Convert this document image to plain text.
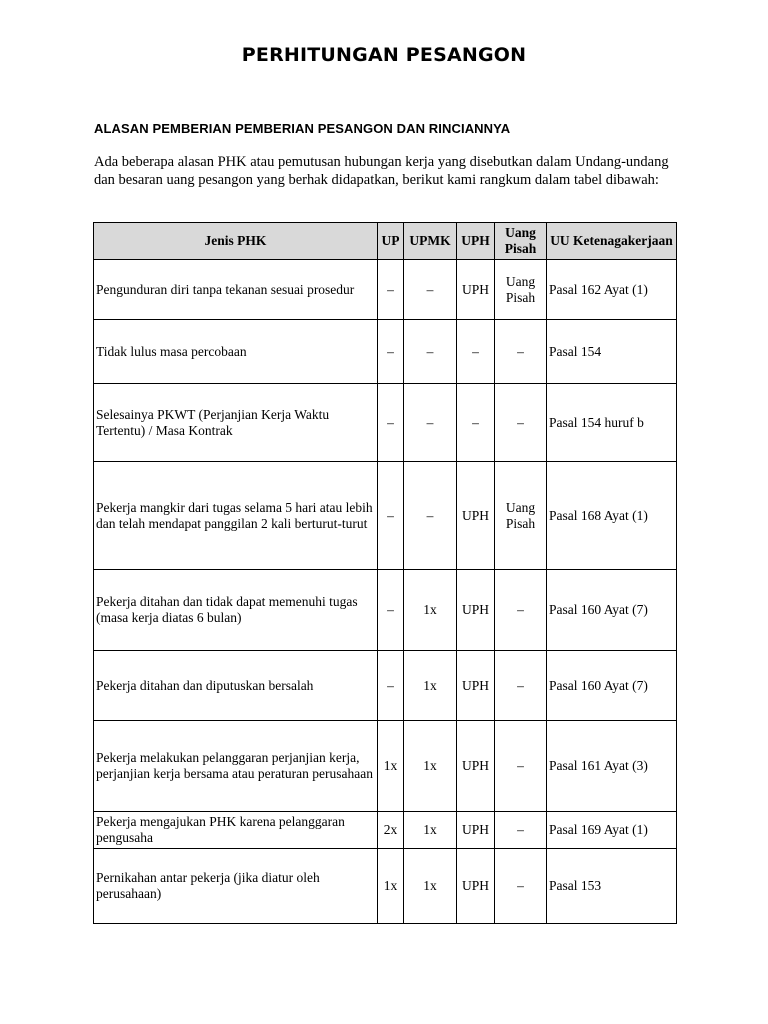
PERHITUNGAN PESANGON
ALASAN PEMBERIAN PEMBERIAN PESANGON DAN RINCIANNYA
Ada beberapa alasan PHK atau pemutusan hubungan kerja yang disebutkan dalam Undang-undang dan besaran uang pesangon yang berhak didapatkan, berikut kami rangkum dalam tabel dibawah:
Jenis PHK	UP	UPMK	UPH	Uang Pisah	UU Ketenagakerjaan
Pengunduran diri tanpa tekanan sesuai prosedur	–	–	UPH	Uang Pisah	Pasal 162 Ayat (1)
Tidak lulus masa percobaan	–	–	–	–	Pasal 154
Selesainya PKWT (Perjanjian Kerja Waktu Tertentu) / Masa Kontrak	–	–	–	–	Pasal 154 huruf b
Pekerja mangkir dari tugas selama 5 hari atau lebih dan telah mendapat panggilan 2 kali berturut-turut	–	–	UPH	Uang Pisah	Pasal 168 Ayat (1)
Pekerja ditahan dan tidak dapat memenuhi tugas (masa kerja diatas 6 bulan)	–	1x	UPH	–	Pasal 160 Ayat (7)
Pekerja ditahan dan diputuskan bersalah	–	1x	UPH	–	Pasal 160 Ayat (7)
Pekerja melakukan pelanggaran perjanjian kerja, perjanjian kerja bersama atau peraturan perusahaan	1x	1x	UPH	–	Pasal 161 Ayat (3)
Pekerja mengajukan PHK karena pelanggaran pengusaha	2x	1x	UPH	–	Pasal 169 Ayat (1)
Pernikahan antar pekerja (jika diatur oleh perusahaan)	1x	1x	UPH	–	Pasal 153
